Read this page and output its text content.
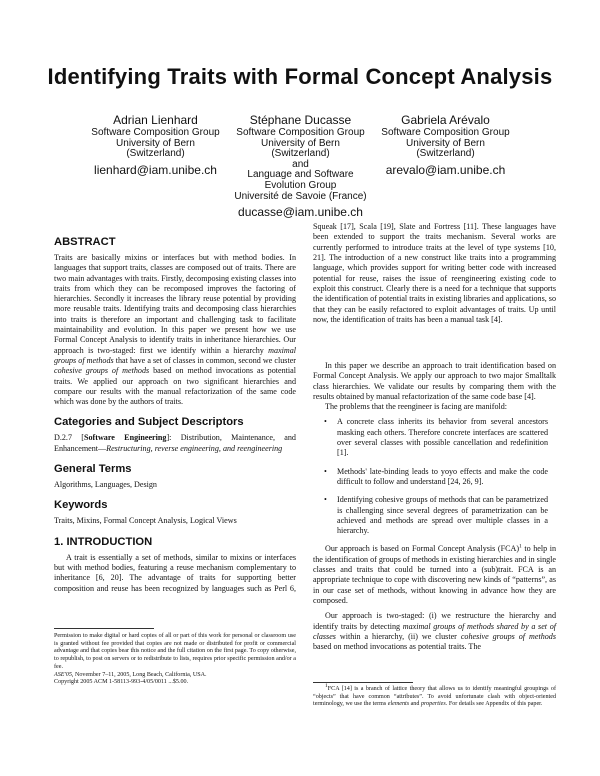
Identifying Traits with Formal Concept Analysis
Adrian Lienhard
Software Composition Group
University of Bern
(Switzerland)
lienhard@iam.unibe.ch
Stéphane Ducasse
Software Composition Group
University of Bern
(Switzerland)
and
Language and Software
Evolution Group
Université de Savoie (France)
ducasse@iam.unibe.ch
Gabriela Arévalo
Software Composition Group
University of Bern
(Switzerland)
arevalo@iam.unibe.ch
ABSTRACT

Traits are basically mixins or interfaces but with method bodies. In languages that support traits, classes are composed out of traits. There are two main advantages with traits. Firstly, decomposing existing classes into traits from which they can be recomposed improves the factoring of hierarchies. Secondly it increases the library reuse potential by providing more reusable traits. Identifying traits and decomposing class hierarchies into traits is therefore an important and challenging task to facilitate maintainability and evolution. In this paper we present how we use Formal Concept Analysis to identify traits in inheritance hierarchies. Our approach is two-staged: first we identify within a hierarchy maximal groups of methods that have a set of classes in common, second we cluster cohesive groups of methods based on method invocations as potential traits. We applied our approach on two significant hierarchies and compare our results with the manual refactorization of the same code which was done by the authors of traits.

Categories and Subject Descriptors

D.2.7 [Software Engineering]: Distribution, Maintenance, and Enhancement—Restructuring, reverse engineering, and reengineering

General Terms

Algorithms, Languages, Design

Keywords

Traits, Mixins, Formal Concept Analysis, Logical Views

1. INTRODUCTION

A trait is essentially a set of methods, similar to mixins or interfaces but with method bodies, featuring a reuse mechanism complementary to inheritance [6, 20]. The advantage of traits for supporting better composition and reuse has been recognized by languages such as Perl 6,

Permission to make digital or hard copies of all or part of this work for personal or classroom use is granted without fee provided that copies are not made or distributed for profit or commercial advantage and that copies bear this notice and the full citation on the first page. To copy otherwise, to republish, to post on servers or to redistribute to lists, requires prior specific permission and/or a fee.

ASE'05, November 7–11, 2005, Long Beach, California, USA.

Copyright 2005 ACM 1-58113-993-4/05/0011 ...$5.00.

Squeak [17], Scala [19], Slate and Fortress [11]. These languages have been extended to support the traits mechanism. Several works are currently performed to introduce traits at the level of type systems [10, 21]. The introduction of a new construct like traits into a programming language, which provides support for writing better code with increased potential for reuse, raises the issue of reengineering existing code to exploit this construct. Clearly there is a need for a technique that supports the identification of potential traits in existing libraries and applications, so that they can be easily refactored to exploit advantages of traits. Up until now, the identification of traits has been a manual task [4].

In this paper we describe an approach to trait identification based on Formal Concept Analysis. We apply our approach to two major Smalltalk class hierarchies. We validate our results by comparing them with the results obtained by manual refactorization of the same code base [4].

The problems that the reengineer is facing are manifold:

• A concrete class inherits its behavior from several ancestors masking each others. Therefore concrete interfaces are scattered over several classes with possible cancellation and redefinition [1].
• Methods' late-binding leads to yoyo effects and make the code difficult to follow and understand [24, 26, 9].
• Identifying cohesive groups of methods that can be parametrized is challenging since several degrees of parametrization can be achieved and methods are spread over multiple classes in a hierarchy.

Our approach is based on Formal Concept Analysis (FCA)$^1$ to help in the identification of groups of methods in existing hierarchies and in single classes and traits that could be turned into a (sub)trait. FCA is an appropriate technique to cope with discovering new kinds of “patterns”, as in our case set of methods, without knowing in advance how they are composed.

Our approach is two-staged: (i) we restructure the hierarchy and identify traits by detecting maximal groups of methods shared by a set of classes within a hierarchy, (ii) we cluster cohesive groups of methods based on method invocations as potential traits. The

$^1$FCA [14] is a branch of lattice theory that allows us to identify meaningful groupings of “objects” that have common “attributes”. To avoid unfortunate clash with object-oriented terminology, we use the terms elements and properties. For details see Appendix of this paper.
